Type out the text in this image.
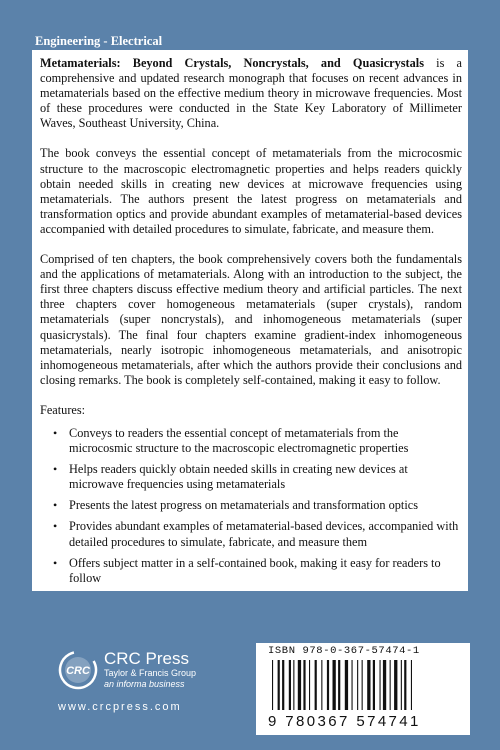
Engineering - Electrical

Metamaterials: Beyond Crystals, Noncrystals, and Quasicrystals is a comprehensive and updated research monograph that focuses on recent advances in metamaterials based on the effective medium theory in microwave frequencies. Most of these procedures were conducted in the State Key Laboratory of Millimeter Waves, Southeast University, China.

The book conveys the essential concept of metamaterials from the microcosmic structure to the macroscopic electromagnetic properties and helps readers quickly obtain needed skills in creating new devices at microwave frequencies using metamaterials. The authors present the latest progress on metamaterials and transformation optics and provide abundant examples of metamaterial-based devices accompanied with detailed procedures to simulate, fabricate, and measure them.

Comprised of ten chapters, the book comprehensively covers both the fundamentals and the applications of metamaterials. Along with an introduction to the subject, the first three chapters discuss effective medium theory and artificial particles. The next three chapters cover homogeneous metamaterials (super crystals), random metamaterials (super noncrystals), and inhomogeneous metamaterials (super quasicrystals). The final four chapters examine gradient-index inhomogeneous metamaterials, nearly isotropic inhomogeneous metamaterials, and anisotropic inhomogeneous metamaterials, after which the authors provide their conclusions and closing remarks. The book is completely self-contained, making it easy to follow.

Features:

• Conveys to readers the essential concept of metamaterials from the microcosmic structure to the macroscopic electromagnetic properties
• Helps readers quickly obtain needed skills in creating new devices at microwave frequencies using metamaterials
• Presents the latest progress on metamaterials and transformation optics
• Provides abundant examples of metamaterial-based devices, accompanied with detailed procedures to simulate, fabricate, and measure them
• Offers subject matter in a self-contained book, making it easy for readers to follow
CRC
CRC Press
Taylor & Francis Group
an informa business
www.crcpress.com
ISBN 978-0-367-57474-1
9 780367 574741
